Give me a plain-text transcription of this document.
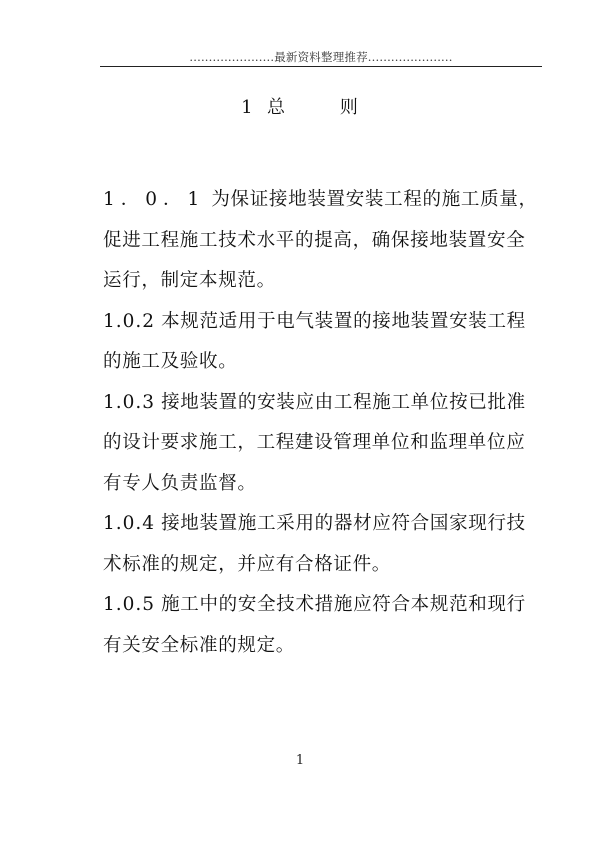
......................最新资料整理推荐......................
1  总        则

1．0．1 为保证接地装置安装工程的施工质量，促进工程施工技术水平的提高，确保接地装置安全运行，制定本规范。

1.0.2 本规范适用于电气装置的接地装置安装工程的施工及验收。

1.0.3 接地装置的安装应由工程施工单位按已批准的设计要求施工，工程建设管理单位和监理单位应有专人负责监督。

1.0.4 接地装置施工采用的器材应符合国家现行技术标准的规定，并应有合格证件。

1.0.5 施工中的安全技术措施应符合本规范和现行有关安全标准的规定。

1
